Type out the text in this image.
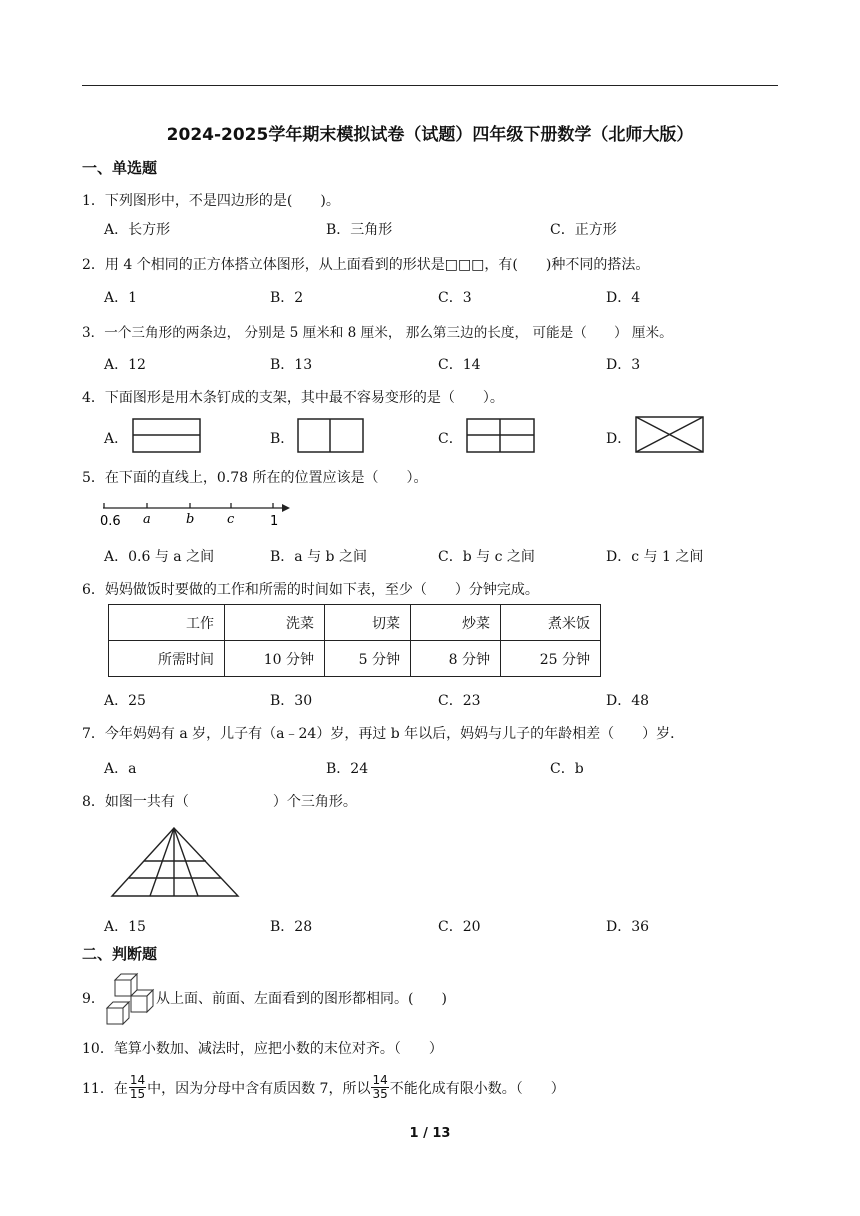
2024-2025学年期末模拟试卷（试题）四年级下册数学（北师大版）
一、单选题
1．下列图形中，不是四边形的是(　　)。
A．长方形	B．三角形	C．正方形
2．用 4 个相同的正方体搭立体图形，从上面看到的形状是□□□，有(　　)种不同的搭法。
A．1	B．2	C．3	D．4
3．一个三角形的两条边， 分别是 5 厘米和 8 厘米， 那么第三边的长度， 可能是（　　） 厘米。
A．12	B．13	C．14	D．3
4．下面图形是用木条钉成的支架，其中最不容易变形的是（　　）。
A．	B．	C．	D．
5．在下面的直线上，0.78 所在的位置应该是（　　）。
0.6 a	b	c	1
A．0.6 与 a 之间	B．a 与 b 之间	C．b 与 c 之间	D．c 与 1 之间
6．妈妈做饭时要做的工作和所需的时间如下表，至少（　　）分钟完成。
工作	洗菜	切菜	炒菜	煮米饭
所需时间	10 分钟	5 分钟	8 分钟	25 分钟
A．25	B．30	C．23	D．48
7．今年妈妈有 a 岁，儿子有（a﹣24）岁，再过 b 年以后，妈妈与儿子的年龄相差（　　）岁．
A．a	B．24	C．b
8．如图一共有（　　　　　　）个三角形。
A．15	B．28	C．20	D．36
二、判断题
9．	从上面、前面、左面看到的图形都相同。(　　)
10．笔算小数加、减法时，应把小数的末位对齐。（　　）
11．在 $\frac{14}{15}$ 中，因为分母中含有质因数 7，所以 $\frac{14}{35}$ 不能化成有限小数。（　　）
1 / 13
